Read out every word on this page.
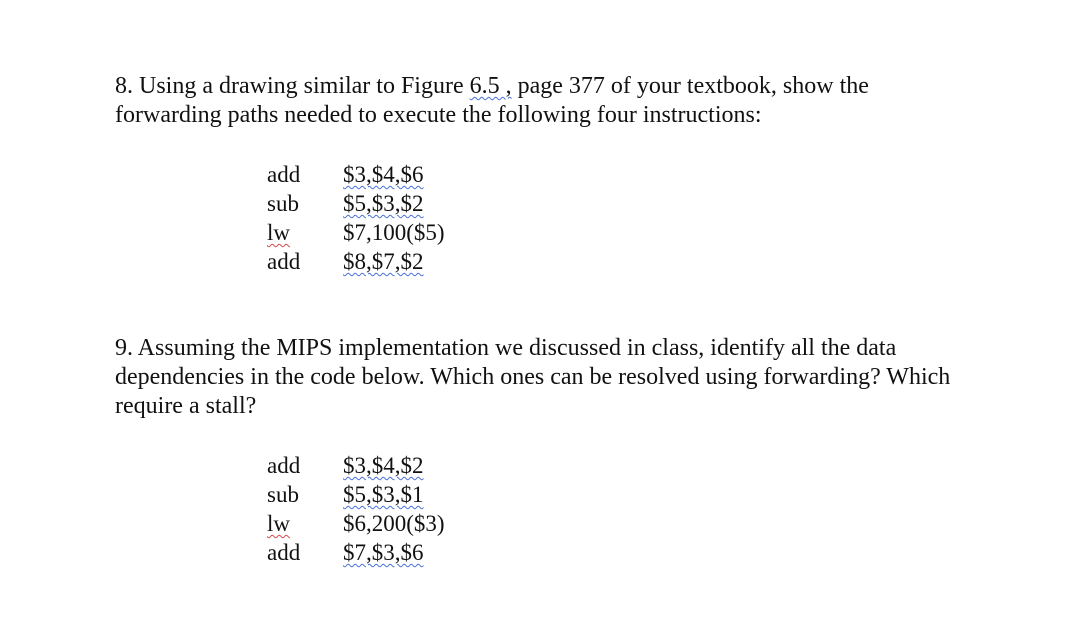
8. Using a drawing similar to Figure 6.5 , page 377 of your textbook, show the
forwarding paths needed to execute the following four instructions:
add	$3,$4,$6
sub	$5,$3,$2
lw	$7,100($5)
add	$8,$7,$2
9. Assuming the MIPS implementation we discussed in class, identify all the data
dependencies in the code below. Which ones can be resolved using forwarding? Which
require a stall?
add	$3,$4,$2
sub	$5,$3,$1
lw	$6,200($3)
add	$7,$3,$6
